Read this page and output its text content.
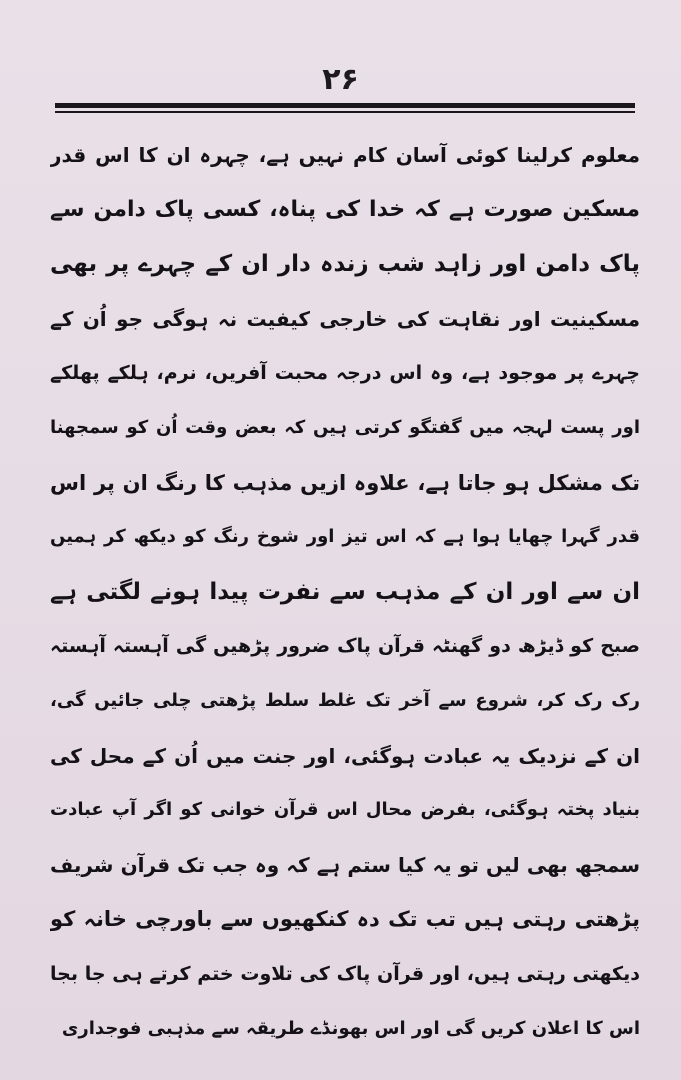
۲۶
معلوم کرلینا کوئی آسان کام نہیں ہے، چہرہ ان کا اس قدر
مسکین صورت ہے کہ خدا کی پناہ، کسی پاک دامن سے
پاک دامن اور زاہد شب زندہ دار ان کے چہرے پر بھی
مسکینیت اور نقاہت کی خارجی کیفیت نہ ہوگی جو اُن کے
چہرے پر موجود ہے، وہ اس درجہ محبت آفریں، نرم، ہلکے پھلکے
اور پست لہجہ میں گفتگو کرتی ہیں کہ بعض وقت اُن کو سمجھنا
تک مشکل ہو جاتا ہے، علاوہ ازیں مذہب کا رنگ ان پر اس
قدر گہرا چھایا ہوا ہے کہ اس تیز اور شوخ رنگ کو دیکھ کر ہمیں
ان سے اور ان کے مذہب سے نفرت پیدا ہونے لگتی ہے
صبح کو ڈیڑھ دو گھنٹہ قرآن پاک ضرور پڑھیں گی آہستہ آہستہ
رک رک کر، شروع سے آخر تک غلط سلط پڑھتی چلی جائیں گی،
ان کے نزدیک یہ عبادت ہوگئی، اور جنت میں اُن کے محل کی
بنیاد پختہ ہوگئی، بفرض محال اس قرآن خوانی کو اگر آپ عبادت
سمجھ بھی لیں تو یہ کیا ستم ہے کہ وہ جب تک قرآن شریف
پڑھتی رہتی ہیں تب تک دہ کنکھیوں سے باورچی خانہ کو
دیکھتی رہتی ہیں، اور قرآن پاک کی تلاوت ختم کرتے ہی جا بجا
اس کا اعلان کریں گی اور اس بھونڈے طریقہ سے مذہبی فوجداری
